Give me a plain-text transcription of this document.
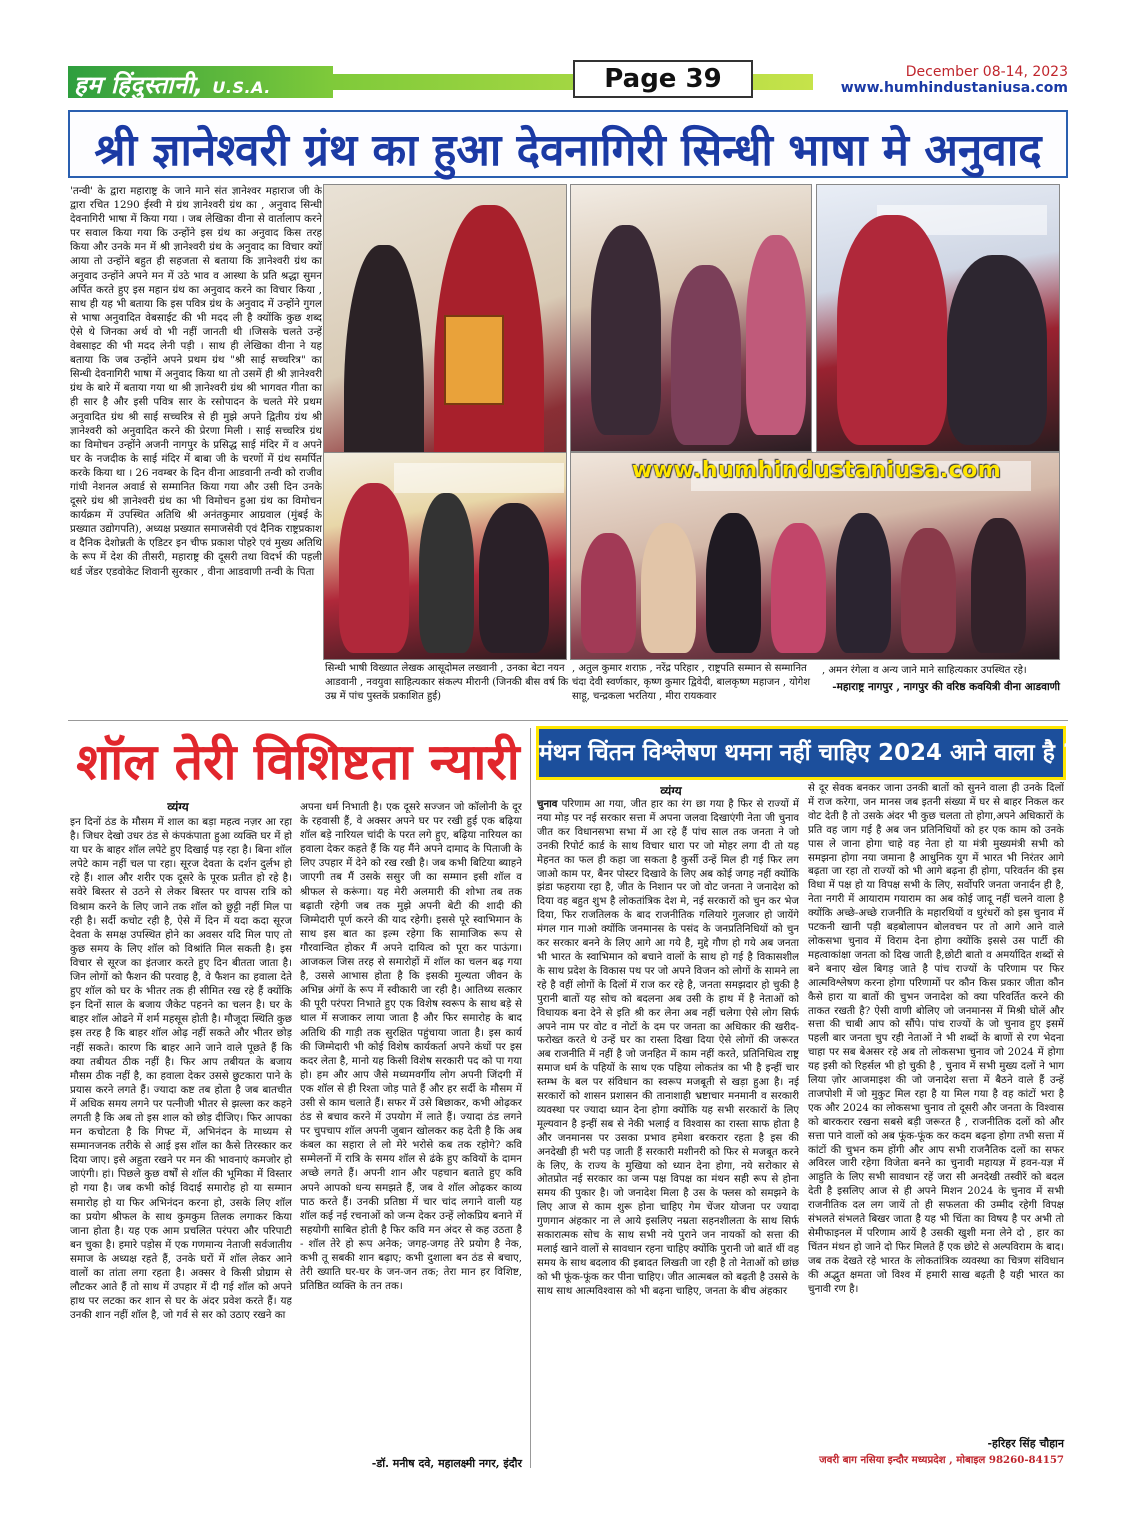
हम हिंदुस्तानी, U.S.A.	Page 39	December 08-14, 2023
www.humhindustaniusa.com
श्री ज्ञानेश्वरी ग्रंथ का हुआ देवनागिरी सिन्धी भाषा मे अनुवाद
'तन्वी' के द्वारा महाराष्ट्र के जाने माने संत ज्ञानेश्वर महाराज जी के द्वारा रचित 1290 ईस्वी मे ग्रंथ ज्ञानेश्वरी ग्रंथ का , अनुवाद सिन्धी देवनागिरी भाषा में किया गया । जब लेखिका वीना से वार्तालाप करने पर सवाल किया गया कि उन्होंने इस ग्रंथ का अनुवाद किस तरह किया और उनके मन में श्री ज्ञानेश्वरी ग्रंथ के अनुवाद का विचार क्यों आया तो उन्होंने बहुत ही सहजता से बताया कि ज्ञानेश्वरी ग्रंथ का अनुवाद उन्होंने अपने मन में उठे भाव व आस्था के प्रति श्रद्धा सुमन अर्पित करते हुए इस महान ग्रंथ का अनुवाद करने का विचार किया , साथ ही यह भी बताया कि इस पवित्र ग्रंथ के अनुवाद में उन्होंने गुगल से भाषा अनुवादित वेबसाईट की भी मदद ली है क्योंकि कुछ शब्द ऐसे थे जिनका अर्थ वो भी नहीं जानती थी ।जिसके चलते उन्हें वेबसाइट की भी मदद लेनी पड़ी । साथ ही लेखिका वीना ने यह बताया कि जब उन्होंने अपने प्रथम ग्रंथ "श्री साई सच्चरित्र" का सिन्धी देवनागिरी भाषा में अनुवाद किया था तो उसमें ही श्री ज्ञानेश्वरी ग्रंथ के बारे में बताया गया था श्री ज्ञानेश्वरी ग्रंथ श्री भागवत गीता का ही सार है और इसी पवित्र सार के रसोपादन के चलते मेरे प्रथम अनुवादित ग्रंथ श्री साई सच्चरित्र से ही मुझे अपने द्वितीय ग्रंथ श्री ज्ञानेश्वरी को अनुवादित करने की प्रेरणा मिली । साई सच्चरित्र ग्रंथ का विमोचन उन्होंने अजनी नागपुर के प्रसिद्ध साई मंदिर में व अपने घर के नजदीक के साई मंदिर में बाबा जी के चरणों में ग्रंथ समर्पित करके किया था । 26 नवम्बर के दिन वीना आडवानी तन्वी को राजीव गांधी नेशनल अवार्ड से सम्मानित किया गया और उसी दिन उनके दूसरे ग्रंथ श्री ज्ञानेश्वरी ग्रंथ का भी विमोचन हुआ ग्रंथ का विमोचन कार्यक्रम में उपस्थित अतिथि श्री अनंतकुमार आग्रवाल (मुंबई के प्रख्यात उद्योगपति), अध्यक्ष प्रख्यात समाजसेवी एवं दैनिक राष्ट्रप्रकाश व दैनिक देशोन्नती के एडिटर इन चीफ प्रकाश पोहरे एवं मुख्य अतिथि के रूप में देश की तीसरी, महाराष्ट्र की दूसरी तथा विदर्भ की पहली थर्ड जेंडर एडवोकेट शिवानी सुरकार , वीना आडवाणी तन्वी के पिता
www.humhindustaniusa.com
सिन्धी भाषी विख्यात लेखक आसूदोमल लख्वानी , उनका बेटा नयन आडवानी , नवयुवा साहित्यकार संकल्प मीरानी (जिनकी बीस वर्ष कि उम्र में पांच पुस्तकें प्रकाशित हुई)
, अतुल कुमार शराफ़ , नरेंद्र परिहार , राष्ट्रपति सम्मान से सम्मानित चंदा देवी स्वर्णकार, कृष्ण कुमार द्विवेदी, बालकृष्ण महाजन , योगेश साहू, चन्द्रकला भरतिया , मीरा रायकवार
, अमन रंगेला व अन्य जाने माने साहित्यकार उपस्थित रहे।
-महाराष्ट्र नागपुर , नागपुर की वरिष्ठ कवयित्री वीना आडवाणी
शॉल तेरी विशिष्टता न्यारी
व्यंग्य
इन दिनों ठंड के मौसम में शाल का बड़ा महत्व नज़र आ रहा है। जिधर देखो उधर ठंड से कंपकंपाता हुआ व्यक्ति घर में हो या घर के बाहर शॉल लपेटे हुए दिखाई पड़ रहा है। बिना शॉल लपेटे काम नहीं चल पा रहा। सूरज देवता के दर्शन दुर्लभ हो रहे हैं। शाल और शरीर एक दूसरे के पूरक प्रतीत हो रहे है। सवेरे बिस्तर से उठने से लेकर बिस्तर पर वापस रात्रि को विश्राम करने के लिए जाने तक शॉल को छुट्टी नहीं मिल पा रही है। सर्दी कचोट रही है, ऐसे में दिन में यदा कदा सूरज देवता के समक्ष उपस्थित होने का अवसर यदि मिल पाए तो कुछ समय के लिए शॉल को विश्रांति मिल सकती है। इस विचार से सूरज का इंतजार करते हुए दिन बीतता जाता है। जिन लोगों को फैशन की परवाह है, वे फैशन का हवाला देते हुए शॉल को घर के भीतर तक ही सीमित रख रहे हैं क्योंकि इन दिनों साल के बजाय जैकेट पहनने का चलन है। घर के बाहर शॉल ओढने में शर्म महसूस होती है। मौजूदा स्थिति कुछ इस तरह है कि बाहर शॉल ओढ़ नहीं सकते और भीतर छोड़ नहीं सकते। कारण कि बाहर आने जाने वाले पूछते हैं कि क्या तबीयत ठीक नहीं है। फिर आप तबीयत के बजाय मौसम ठीक नहीं है, का हवाला देकर उससे छुटकारा पाने के प्रयास करने लगते हैं। ज्यादा कष्ट तब होता है जब बातचीत में अधिक समय लगने पर पत्नीजी भीतर से झल्ला कर कहने लगती है कि अब तो इस शाल को छोड़ दीजिए। फिर आपका मन कचोटता है कि गिफ्ट में, अभिनंदन के माध्यम से सम्मानजनक तरीके से आई इस शॉल का कैसे तिरस्कार कर दिया जाए। इसे अहुता रखने पर मन की भावनाएं कमजोर हो जाएंगी। हां। पिछले कुछ वर्षों से शॉल की भूमिका में विस्तार हो गया है। जब कभी कोई विदाई समारोह हो या सम्मान समारोह हो या फिर अभिनंदन करना हो, उसके लिए शॉल का प्रयोग श्रीफल के साथ कुमकुम तिलक लगाकर किया जाना होता है। यह एक आम प्रचलित परंपरा और परिपाटी बन चुका है। हमारे पड़ोस में एक गणमान्य नेताजी सर्वजातीय समाज के अध्यक्ष रहते हैं, उनके घरों में शॉल लेकर आने वालों का तांता लगा रहता है। अक्सर वे किसी प्रोग्राम से लौटकर आते हैं तो साथ में उपहार में दी गई शॉल को अपने हाथ पर लटका कर शान से घर के अंदर प्रवेश करते हैं। यह उनकी शान नहीं शॉल है, जो गर्व से सर को उठाए रखने का
अपना धर्म निभाती है। एक दूसरे सज्जन जो कॉलोनी के दूर के रहवासी हैं, वे अक्सर अपने घर पर रखी हुई एक बढ़िया शॉल बड़े नारियल चांदी के परत लगे हुए, बढ़िया नारियल का हवाला देकर कहते हैं कि यह मैंने अपने दामाद के पिताजी के लिए उपहार में देने को रख रखी है। जब कभी बिटिया ब्याहने जाएगी तब मैं उसके ससुर जी का सम्मान इसी शॉल व श्रीफल से करूंगा। यह मेरी अलमारी की शोभा तब तक बढ़ाती रहेगी जब तक मुझे अपनी बेटी की शादी की जिम्मेदारी पूर्ण करने की याद रहेगी। इससे पूरे स्वाभिमान के साथ इस बात का इल्म रहेगा कि सामाजिक रूप से गौरवान्वित होकर मैं अपने दायित्व को पूरा कर पाऊंगा। आजकल जिस तरह से समारोहों में शॉल का चलन बढ़ गया है, उससे आभास होता है कि इसकी मुल्यता जीवन के अभिन्न अंगों के रूप में स्वीकारी जा रही है। आतिथ्य सत्कार की पूरी परंपरा निभाते हुए एक विशेष स्वरूप के साथ बड़े से थाल में सजाकर लाया जाता है और फिर समारोह के बाद अतिथि की गाड़ी तक सुरक्षित पहुंचाया जाता है। इस कार्य की जिम्मेदारी भी कोई विशेष कार्यकर्ता अपने कंधों पर इस कदर लेता है, मानो यह किसी विशेष सरकारी पद को पा गया हो। हम और आप जैसे मध्यमवर्गीय लोग अपनी जिंदगी में एक शॉल से ही रिश्ता जोड़ पाते हैं और हर सर्दी के मौसम में उसी से काम चलाते हैं। सफर में उसे बिछाकर, कभी ओढ़कर ठंड से बचाव करने में उपयोग में लाते हैं। ज्यादा ठंड लगने पर चुपचाप शॉल अपनी जुबान खोलकर कह देती है कि अब कंबल का सहारा ले लो मेरे भरोसे कब तक रहोगे? कवि सम्मेलनों में रात्रि के समय शॉल से ढंके हुए कवियों के दामन अच्छे लगते हैं। अपनी शान और पहचान बताते हुए कवि अपने आपको धन्य समझते हैं, जब वे शॉल ओढ़कर काव्य पाठ करते हैं। उनकी प्रतिष्ठा में चार चांद लगाने वाली यह शॉल कई नई रचनाओं को जन्म देकर उन्हें लोकप्रिय बनाने में सहयोगी साबित होती है फिर कवि मन अंदर से कह उठता है - शॉल तेरे हो रूप अनेक; जगह-जगह तेरे प्रयोग है नेक, कभी तू सबकी शान बढ़ाए; कभी दुशाला बन ठंड से बचाए, तेरी ख्याति घर-घर के जन-जन तक; तेरा मान हर विशिष्ट, प्रतिष्ठित व्यक्ति के तन तक।
-डॉ. मनीष दवे, महालक्ष्मी नगर, इंदौर
मंथन चिंतन विश्लेषण थमना नहीं चाहिए 2024 आने वाला है ?
व्यंग्य
चुनाव परिणाम आ गया, जीत हार का रंग छा गया है फिर से राज्यों में नया मोड़ पर नई सरकार सत्ता में अपना जलवा दिखाएंगी नेता जी चुनाव जीत कर विधानसभा सभा में आ रहे हैं पांच साल तक जनता ने जो उनकी रिपोर्ट कार्ड के साथ विचार धारा पर जो मोहर लगा दी तो यह मेहनत का फल ही कहा जा सकता है कुर्सी उन्हें मिल ही गई फिर लग जाओ काम पर, बैनर पोस्टर दिखावे के लिए अब कोई जगह नहीं क्योंकि झंडा फहराया रहा है, जीत के निशान पर जो वोट जनता ने जनादेश को दिया वह बहुत शुभ है लोकतांत्रिक देश मे, नई सरकारों को चुन कर भेज दिया, फिर राजतिलक के बाद राजनीतिक गलियारे गुलजार हो जायेंगे मंगल गान गाओ क्योंकि जनमानस के पसंद के जनप्रतिनिधियों को चुन कर सरकार बनने के लिए आगे आ गये है, मुद्दे गौण हो गये अब जनता भी भारत के स्वाभिमान को बचाने वालों के साथ हो गई है विकासशील के साथ प्रदेश के विकास पथ पर जो अपने विजन को लोगों के सामने ला रहे है वहीं लोगों के दिलों में राज कर रहे है, जनता समझदार हो चुकी है पुरानी बातों यह सोच को बदलना अब उसी के हाथ में है नेताओं को विधायक बना देने से इति श्री कर लेना अब नहीं चलेगा ऐसे लोग सिर्फ अपने नाम पर वोट व नोटों के दम पर जनता का अधिकार की खरीद-फरोख्त करते थे उन्हें घर का रास्ता दिखा दिया ऐसे लोगों की जरूरत अब राजनीति में नहीं है जो जनहित में काम नहीं करते, प्रतिनिधित्व राष्ट्र समाज धर्म के पहियों के साथ एक पहिया लोकतंत्र का भी है इन्हीं चार स्तम्भ के बल पर संविधान का स्वरूप मजबूती से खड़ा हुआ है। नई सरकारों को शासन प्रशासन की तानाशाही भ्रष्टाचार मनमानी व सरकारी व्यवस्था पर ज्यादा ध्यान देना होगा क्योंकि यह सभी सरकारों के लिए मूल्यवान है इन्हीं सब से नेकी भलाई व विश्वास का रास्ता साफ होता है और जनमानस पर उसका प्रभाव हमेशा बरकरार रहता है इस की अनदेखी ही भरी पड़ जाती हैं सरकारी मशीनरी को फिर से मजबूत करने के लिए, के राज्य के मुखिया को ध्यान देना होगा, नये सरोकार से ओतप्रोत नई सरकार का जन्म पक्ष विपक्ष का मंथन सही रूप से होना समय की पुकार है। जो जनादेश मिला है उस के फ्लस को समझने के लिए आज से काम शुरू होना चाहिए गेम चेंजर योजना पर ज्यादा गुणगान अंहकार ना ले आये इसलिए नम्रता सहनशीलता के साथ सिर्फ सकारात्मक सोच के साथ सभी नये पुराने जन नायकों को सत्ता की मलाई खाने वालों से सावधान रहना चाहिए क्योंकि पुरानी जो बातें थीं वह समय के साथ बदलाव की इबादत लिखती जा रही है तो नेताओं को छांछ को भी फूंक-फूंक कर पीना चाहिए। जीत आत्मबल को बढ़ती है उससे के साथ साथ आत्मविश्वास को भी बढ़ना चाहिए, जनता के बीच अंहकार
से दूर सेवक बनकर जाना उनकी बातों को सुनने वाला ही उनके दिलों में राज करेगा, जन मानस जब इतनी संख्या में घर से बाहर निकल कर वोट देती है तो उसके अंदर भी कुछ चलता तो होगा,अपने अधिकारों के प्रति वह जाग गई है अब जन प्रतिनिधियों को हर एक काम को उनके पास ले जाना होगा चाहे वह नेता हो या मंत्री मुख्यमंत्री सभी को समझना होगा नया जमाना है आधुनिक युग में भारत भी निरंतर आगे बढ़ता जा रहा तो राज्यों को भी आगे बढ़ना ही होगा, परिवर्तन की इस विधा में पक्ष हो या विपक्ष सभी के लिए, सर्वोपरि जनता जनार्दन ही है, नेता नगरी में आयाराम गयाराम का अब कोई जादू नहीं चलने वाला है क्योंकि अच्छे-अच्छे राजनीति के महारथियों व धुरंधरों को इस चुनाव में पटकनी खानी पड़ी बड़बोलापन बोलवचन पर तो आगे आने वाले लोकसभा चुनाव में विराम देना होगा क्योंकि इससे उस पार्टी की महत्वाकांक्षा जनता को दिख जाती है,छोटी बातो व अमर्यादित शब्दों से बने बनाए खेल बिगड़ जाते है पांच राज्यों के परिणाम पर फिर आत्मविश्लेषण करना होगा परिणामों पर कौन किस प्रकार जीता कौन कैसे हारा या बातों की चुभन जनादेश को क्या परिवर्तित करने की ताकत रखती है? ऐसी वाणी बोलिए जो जनमानस में मिश्री घोलें और सत्ता की चाबी आप को सौंपे। पांच राज्यों के जो चुनाव हुए इसमें पहली बार जनता चुप रही नेताओं ने भी शब्दों के बाणों से रण भेदना चाहा पर सब बेअसर रहे अब तो लोकसभा चुनाव जो 2024 में होगा यह इसी को रिहर्सल भी हो चुकी है , चुनाव में सभी मुख्य दलों ने भाग लिया ज़ोर आजमाइश की जो जनादेश सत्ता में बैठने वाले हैं उन्हें ताजपोशी में जो मुकुट मिल रहा है या मिल गया है वह कांटों भरा है एक और 2024 का लोकसभा चुनाव तो दूसरी और जनता के विश्वास को बारकरार रखना सबसे बड़ी जरूरत है , राजनीतिक दलों को और सत्ता पाने वालों को अब फूंक-फूंक कर कदम बढ़ना होगा तभी सत्ता में कांटों की चुभन कम होंगी और आप सभी राजनैतिक दलों का सफर अविरल जारी रहेगा विजेता बनने का चुनावी महायज्ञ में हवन-यज्ञ में आहुति के लिए सभी सावधान रहें जरा सी अनदेखी तस्वीरें को बदल देती है इसलिए आज से ही अपने मिशन 2024 के चुनाव में सभी राजनीतिक दल लग जायें तो ही सफलता की उम्मीद रहेगी विपक्ष संभलते संभलते बिखर जाता है यह भी चिंता का विषय है पर अभी तो सेमीफाइनल में परिणाम आयें है उसकी खुशी मना लेने दो , हार का चिंतन मंथन हो जाने दो फिर मिलते हैं एक छोटे से अल्पविराम के बाद। जब तक देखते रहे भारत के लोकतांत्रिक व्यवस्था का चित्रण संविधान की अद्भुत क्षमता जो विश्व में हमारी साख बढ़ती है यही भारत का चुनावी रण है।
-हरिहर सिंह चौहान
जवरी बाग नसिया इन्दौर मध्यप्रदेश , मोबाइल 98260-84157
